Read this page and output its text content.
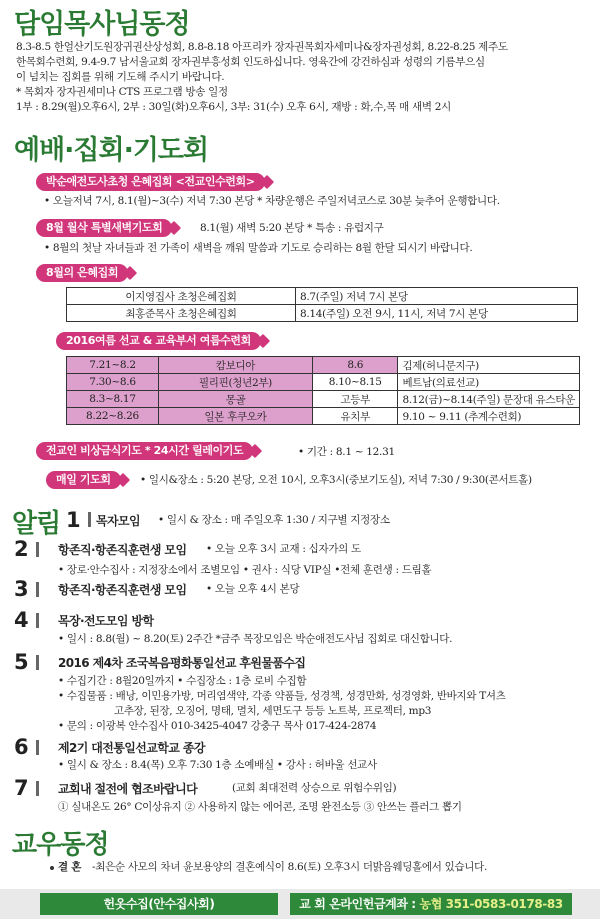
담임목사님동정
8.3-8.5 한얼산기도원장귀권산상성회, 8.8-8.18 아프리카 장자권목회자세미나&장자권성회, 8.22-8.25 제주도
한목회수련회, 9.4-9.7 남서울교회 장자권부흥성회 인도하십니다. 영육간에 강건하심과 성령의 기름부으심
이 넘치는 집회를 위해 기도해 주시기 바랍니다.
* 목회자 장자권세미나 CTS 프로그램 방송 일정
1부 : 8.29(월)오후6시, 2부 : 30일(화)오후6시, 3부: 31(수) 오후 6시, 재방 : 화,수,목 매 새벽 2시
예배·집회·기도회
박순애전도사초청 은혜집회 <전교인수련회>
• 오늘저녁 7시, 8.1(월)~3(수) 저녁 7:30 본당 * 차량운행은 주일저녁코스로 30분 늦추어 운행합니다.
8월 월삭 특별새벽기도회	8.1(월) 새벽 5:20 본당 * 특송 : 유럽지구
• 8월의 첫날 자녀들과 전 가족이 새벽을 깨워 말씀과 기도로 승리하는 8월 한달 되시기 바랍니다.
8월의 은혜집회
이지영집사 초청은혜집회	8.7(주일) 저녁 7시 본당
최홍준목사 초청은혜집회	8.14(주일) 오전 9시, 11시, 저녁 7시 본당
2016여름 선교 & 교육부서 여름수련회
7.21~8.2	캄보디아	8.6	김제(허니문지구)
7.30~8.6	필리핀(청년2부)	8.10~8.15	베트남(의료선교)
8.3~8.17	몽골	고등부	8.12(금)~8.14(주일) 문장대 유스타운
8.22~8.26	일본 후쿠오카	유치부	9.10 ~ 9.11 (추계수련회)
전교인 비상금식기도 * 24시간 릴레이기도	• 기간 : 8.1 ~ 12.31
매일 기도회	• 일시&장소 : 5:20 본당, 오전 10시, 오후3시(중보기도실), 저녁 7:30 / 9:30(콘서트홀)
알림 1 목자모임 • 일시 & 장소 : 매 주일오후 1:30 / 지구별 지정장소
2 항존직·항존직훈련생 모임 • 오늘 오후 3시 교재 : 십자가의 도
• 장로·안수집사 : 지정장소에서 조별모임 • 권사 : 식당 VIP실 •전체 훈련생 : 드림홀
3 항존직·항존직훈련생 모임 • 오늘 오후 4시 본당
4 목장·전도모임 방학
• 일시 : 8.8(월) ~ 8.20(토) 2주간 *금주 목장모임은 박순애전도사님 집회로 대신합니다.
5 2016 제4차 조국복음평화통일선교 후원물품수집
• 수집기간 : 8월20일까지 • 수집장소 : 1층 로비 수집함
• 수집물품 : 배낭, 이민용가방, 머리염색약, 각종 약품들, 성경책, 성경만화, 성경영화, 반바지와 T셔츠
고추장, 된장, 오징어, 명태, 멸치, 세면도구 등등 노트북, 프로젝터, mp3
• 문의 : 이광복 안수집사 010-3425-4047 강충구 목사 017-424-2874
6 제2기 대전통일선교학교 종강
• 일시 & 장소 : 8.4(목) 오후 7:30 1층 소예배실 • 강사 : 허바울 선교사
7 교회내 절전에 협조바랍니다	(교회 최대전력 상승으로 위험수위임)
① 실내온도 26° C이상유지 ② 사용하지 않는 에어콘, 조명 완전소등 ③ 안쓰는 플러그 뽑기
교우동정
결 혼 -최은순 사모의 차녀 윤보용양의 결혼예식이 8.6(토) 오후3시 더밝음웨딩홀에서 있습니다.
헌옷수집(안수집사회)	교 회 온라인헌금계좌 : 농협 351-0583-0178-83
